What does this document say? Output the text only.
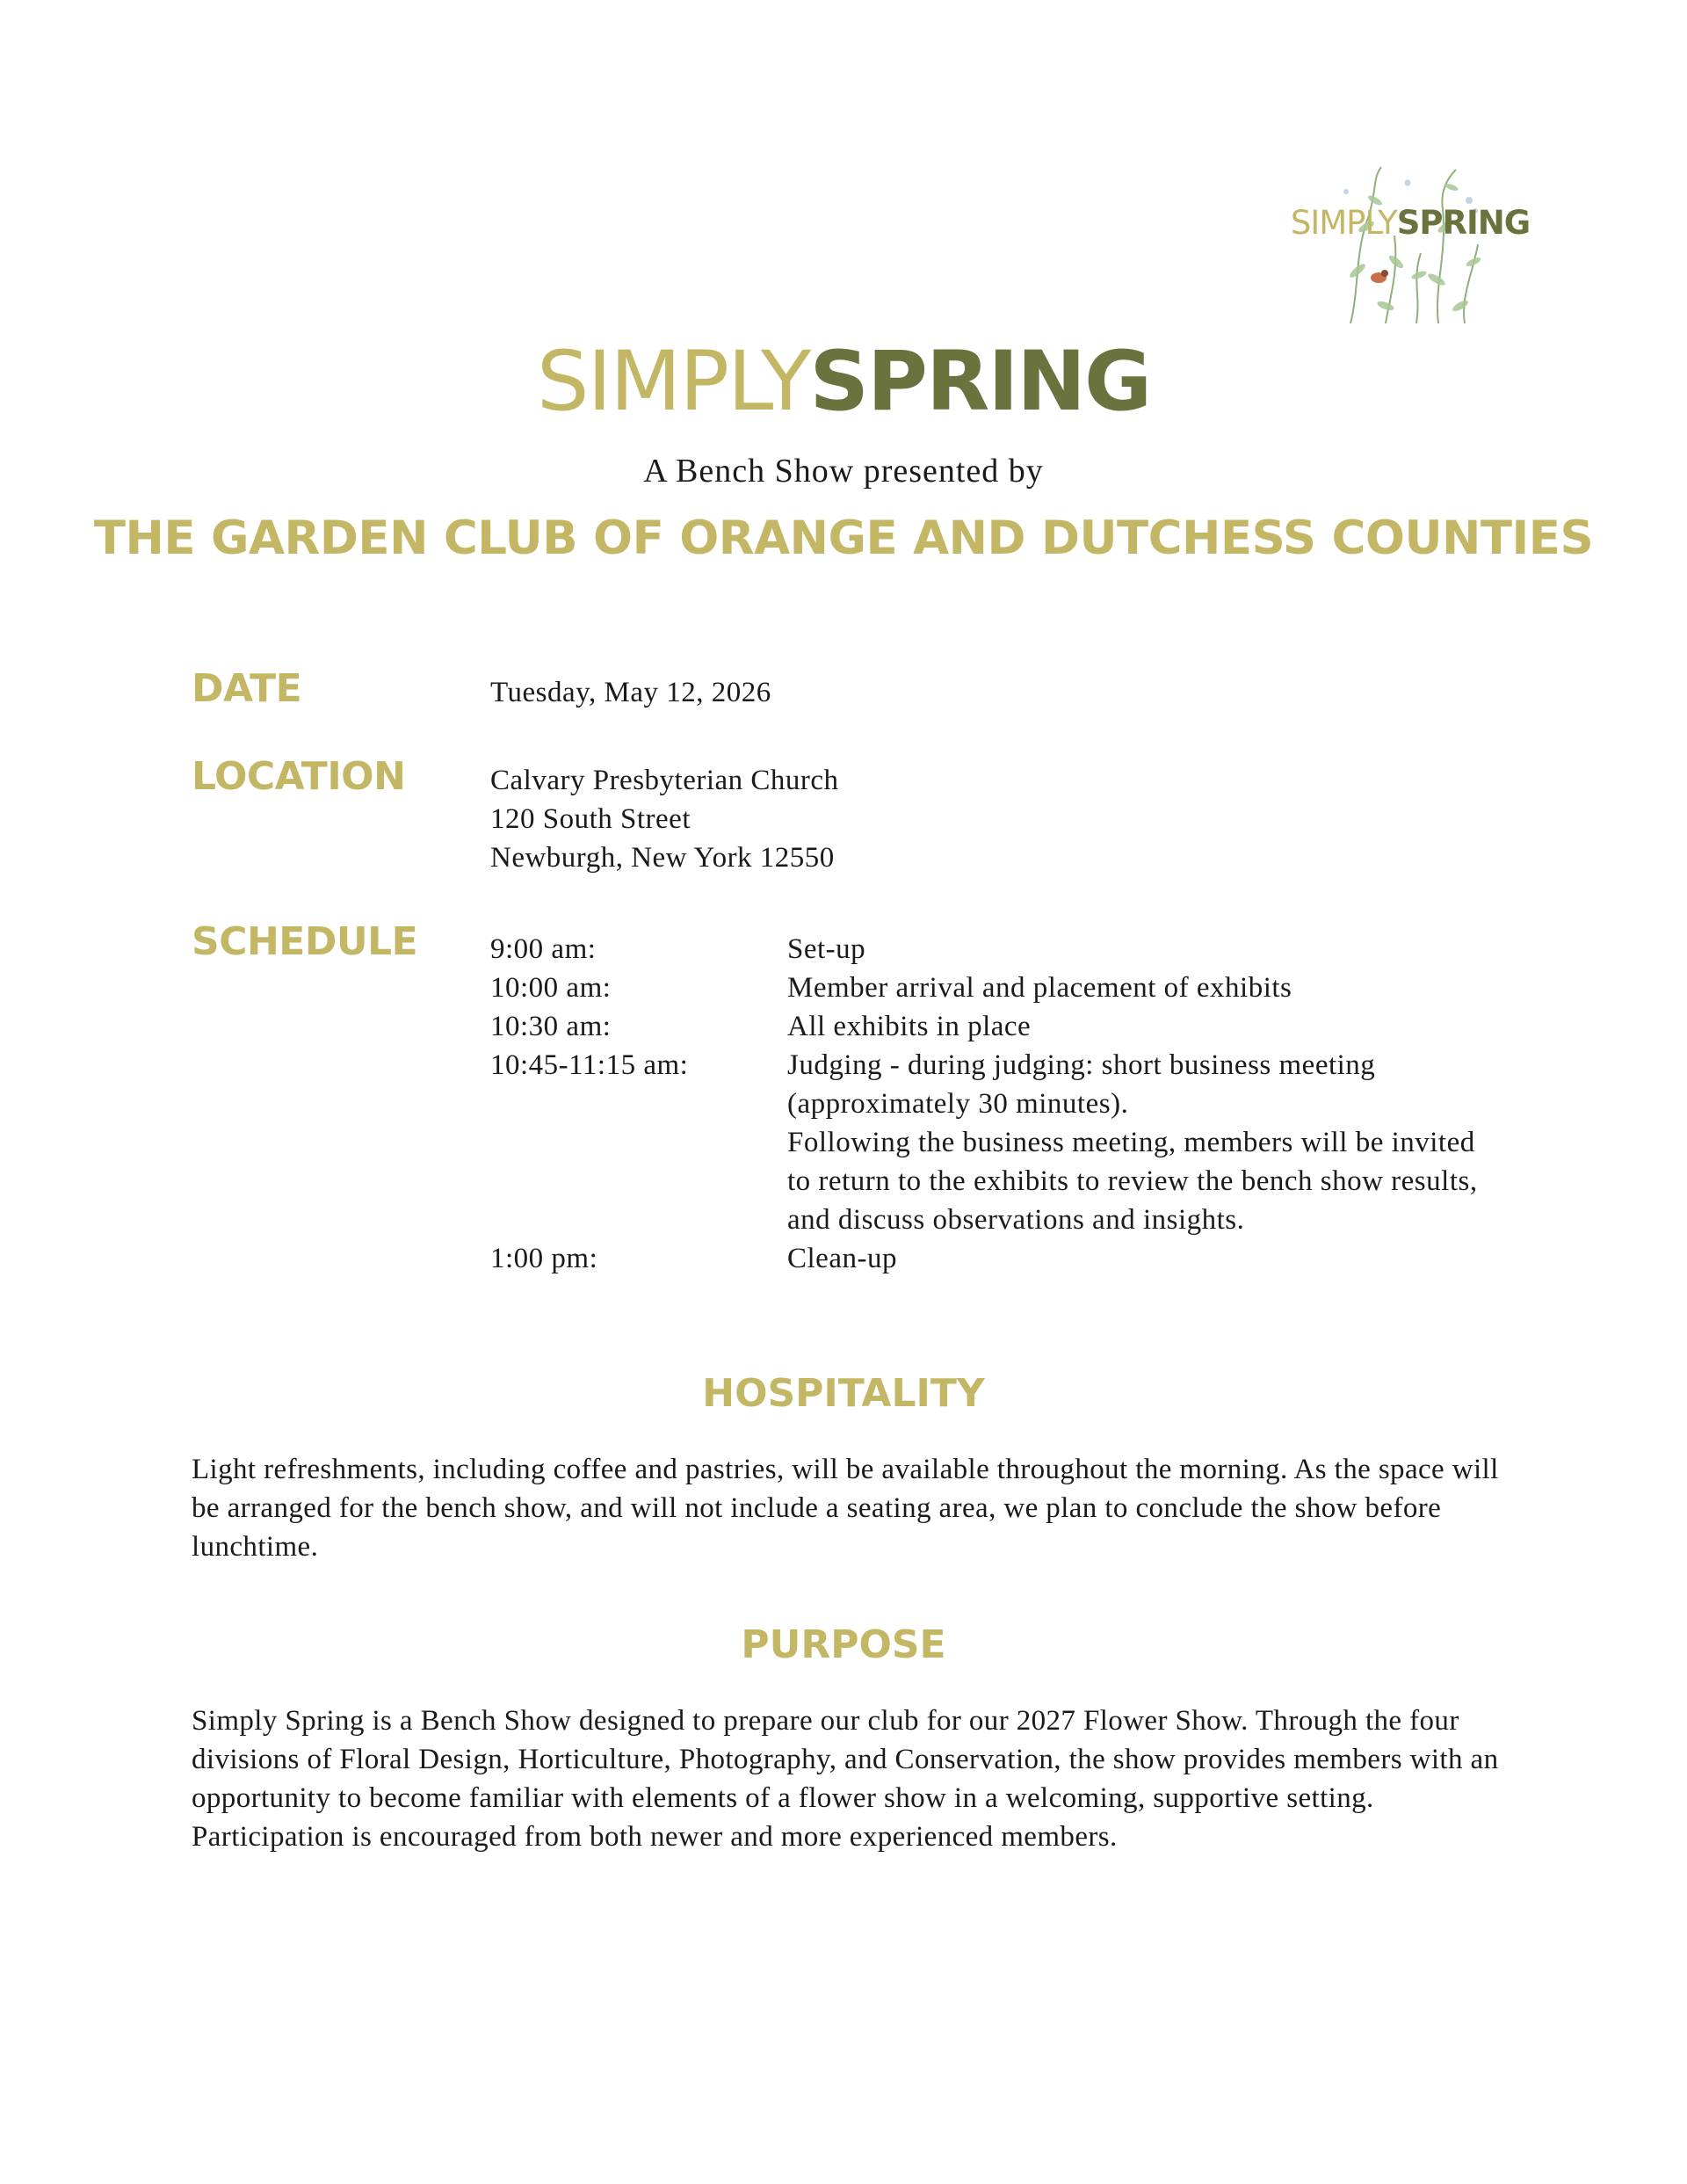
SIMPLYSPRING
SIMPLYSPRING
A Bench Show presented by
THE GARDEN CLUB OF ORANGE AND DUTCHESS COUNTIES
DATE	Tuesday, May 12, 2026
LOCATION	Calvary Presbyterian Church
120 South Street
Newburgh, New York 12550
SCHEDULE	9:00 am:	Set-up
10:00 am:	Member arrival and placement of exhibits
10:30 am:	All exhibits in place
10:45-11:15 am:	Judging - during judging: short business meeting (approximately 30 minutes).
Following the business meeting, members will be invited to return to the exhibits to review the bench show results, and discuss observations and insights.
1:00 pm:	Clean-up
HOSPITALITY
Light refreshments, including coffee and pastries, will be available throughout the morning. As the space will be arranged for the bench show, and will not include a seating area, we plan to conclude the show before lunchtime.
PURPOSE
Simply Spring is a Bench Show designed to prepare our club for our 2027 Flower Show. Through the four divisions of Floral Design, Horticulture, Photography, and Conservation, the show provides members with an opportunity to become familiar with elements of a flower show in a welcoming, supportive setting. Participation is encouraged from both newer and more experienced members.
